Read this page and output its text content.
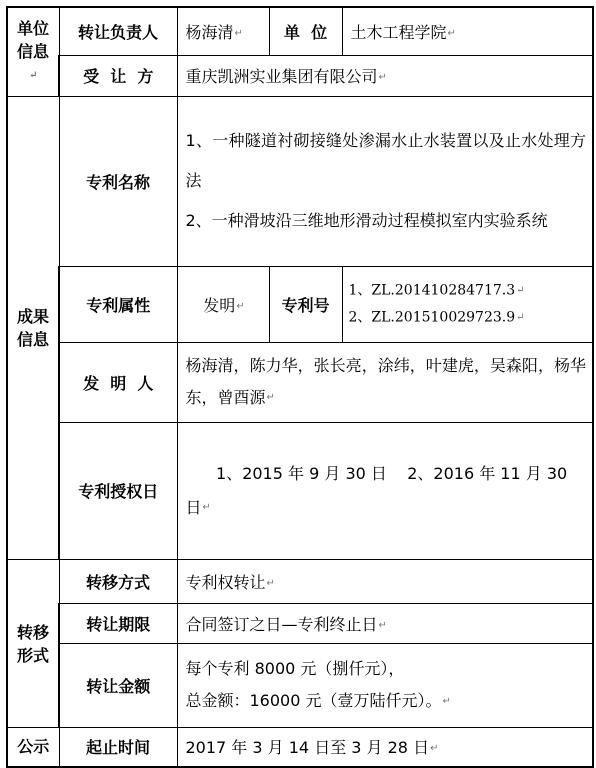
单位信息↵	转让负责人	杨海清↵	单  位	土木工程学院↵
	受  让  方	重庆凯洲实业集团有限公司↵		
成果信息	专利名称	1、一种隧道衬砌接缝处渗漏水止水装置以及止水处理方法
2、一种滑坡沿三维地形滑动过程模拟室内实验系统		

	专利属性	发明↵	专利号	1、ZL.201410284717.3↵
2、ZL.201510029723.9↵

	发  明  人	杨海清，陈力华，张长亮，涂纬，叶建虎，吴森阳，杨华东，曾酉源↵		
	专利授权日	1、2015 年 9 月 30 日    2、2016 年 11 月 30 日↵		

转移形式	转移方式	专利权转让↵		
	转让期限	合同签订之日—专利终止日↵		
	转让金额	每个专利 8000 元（捌仟元），
总金额：16000 元（壹万陆仟元）。↵		

公示	起止时间	2017 年 3 月 14 日至 3 月 28 日↵		
